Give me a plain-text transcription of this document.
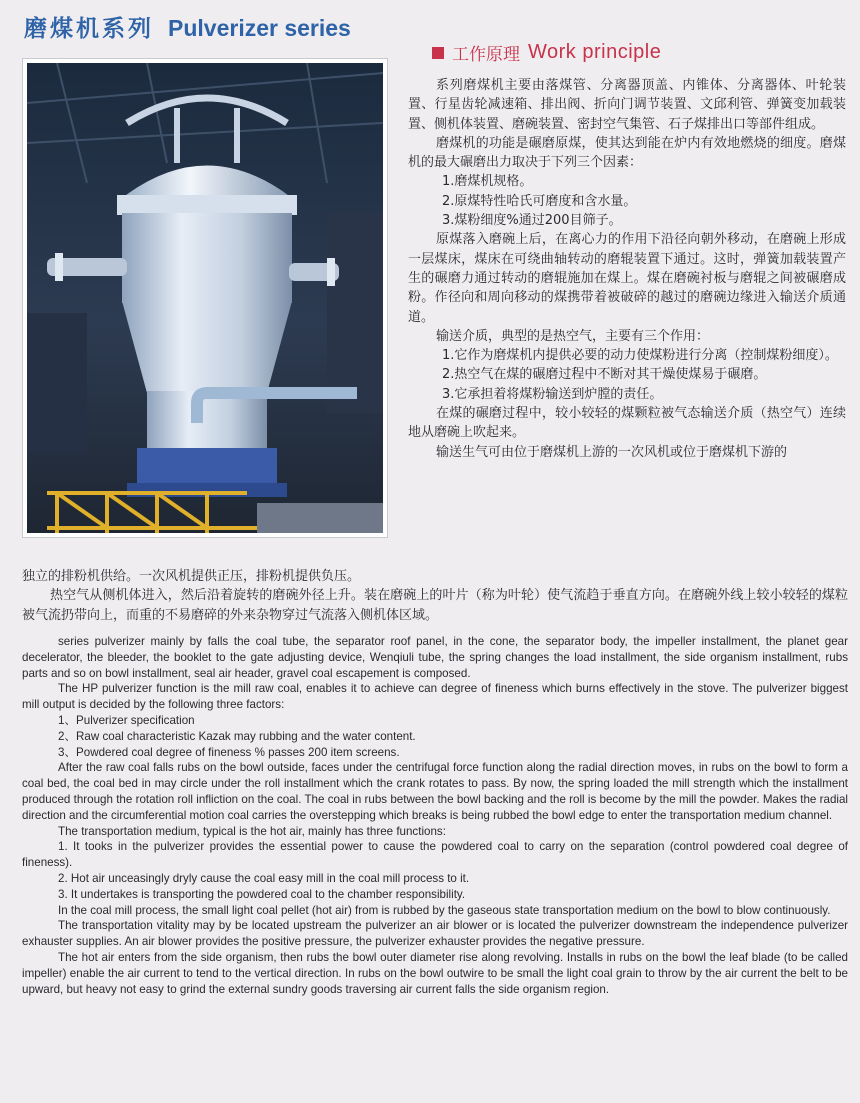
磨煤机系列 Pulverizer series
工作原理 Work principle

系列磨煤机主要由落煤管、分离器顶盖、内锥体、分离器体、叶轮装置、行星齿轮减速箱、排出阀、折向门调节装置、文邱利管、弹簧变加载装置、侧机体装置、磨碗装置、密封空气集管、石子煤排出口等部件组成。

磨煤机的功能是碾磨原煤，使其达到能在炉内有效地燃烧的细度。磨煤机的最大碾磨出力取决于下列三个因素：

1.磨煤机规格。

2.原煤特性哈氏可磨度和含水量。

3.煤粉细度%通过200目筛子。

原煤落入磨碗上后，在离心力的作用下沿径向朝外移动，在磨碗上形成一层煤床，煤床在可绕曲轴转动的磨辊装置下通过。这时，弹簧加载装置产生的碾磨力通过转动的磨辊施加在煤上。煤在磨碗衬板与磨辊之间被碾磨成粉。作径向和周向移动的煤携带着被破碎的越过的磨碗边缘进入输送介质通道。

输送介质，典型的是热空气，主要有三个作用：

1.它作为磨煤机内提供必要的动力使煤粉进行分离（控制煤粉细度）。

2.热空气在煤的碾磨过程中不断对其干燥使煤易于碾磨。

3.它承担着将煤粉输送到炉膛的责任。

在煤的碾磨过程中，较小较轻的煤颗粒被气态输送介质（热空气）连续地从磨碗上吹起来。

输送生气可由位于磨煤机上游的一次风机或位于磨煤机下游的

独立的排粉机供给。一次风机提供正压，排粉机提供负压。

热空气从侧机体进入，然后沿着旋转的磨碗外径上升。装在磨碗上的叶片（称为叶轮）使气流趋于垂直方向。在磨碗外线上较小较轻的煤粒被气流扔带向上，而重的不易磨碎的外来杂物穿过气流落入侧机体区域。

series pulverizer mainly by falls the coal tube, the separator roof panel, in the cone, the separator body, the impeller installment, the planet gear decelerator, the bleeder, the booklet to the gate adjusting device, Wenqiuli tube, the spring changes the load installment, the side organism installment, rubs parts and so on bowl installment, seal air header, gravel coal escapement is composed.

The HP pulverizer function is the mill raw coal, enables it to achieve can degree of fineness which burns effectively in the stove. The pulverizer biggest mill output is decided by the following three factors:

1、Pulverizer specification

2、Raw coal characteristic Kazak may rubbing and the water content.

3、Powdered coal degree of fineness % passes 200 item screens.

After the raw coal falls rubs on the bowl outside, faces under the centrifugal force function along the radial direction moves, in rubs on the bowl to form a coal bed, the coal bed in may circle under the roll installment which the crank rotates to pass. By now, the spring loaded the mill strength which the installment produced through the rotation roll infliction on the coal. The coal in rubs between the bowl backing and the roll is become by the mill the powder. Makes the radial direction and the circumferential motion coal carries the overstepping which breaks is being rubbed the bowl edge to enter the transportation medium channel.

The transportation medium, typical is the hot air, mainly has three functions:

1. It tooks in the pulverizer provides the essential power to cause the powdered coal to carry on the separation (control powdered coal degree of fineness).

2. Hot air unceasingly dryly cause the coal easy mill in the coal mill process to it.

3. It undertakes is transporting the powdered coal to the chamber responsibility.

In the coal mill process, the small light coal pellet (hot air) from is rubbed by the gaseous state transportation medium on the bowl to blow continuously.

The transportation vitality may by be located upstream the pulverizer an air blower or is located the pulverizer downstream the independence pulverizer exhauster supplies. An air blower provides the positive pressure, the pulverizer exhauster provides the negative pressure.

The hot air enters from the side organism, then rubs the bowl outer diameter rise along revolving. Installs in rubs on the bowl the leaf blade (to be called impeller) enable the air current to tend to the vertical direction. In rubs on the bowl outwire to be small the light coal grain to throw by the air current the belt to be upward, but heavy not easy to grind the external sundry goods traversing air current falls the side organism region.
